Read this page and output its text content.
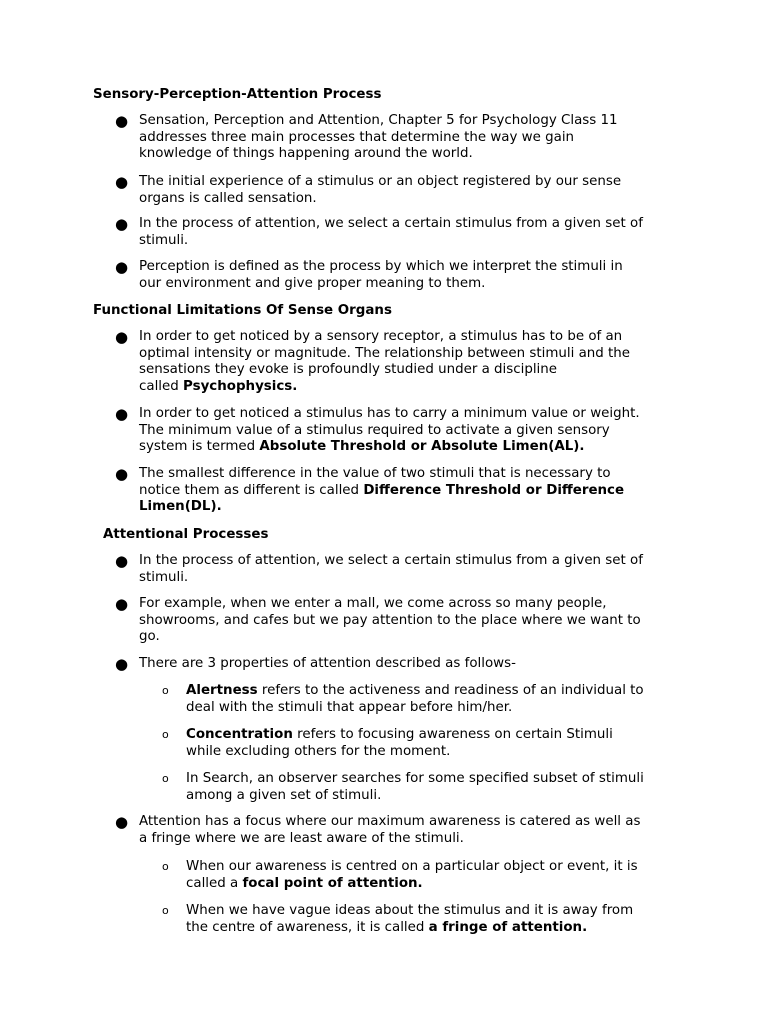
Sensory-Perception-Attention Process
● Sensation, Perception and Attention, Chapter 5 for Psychology Class 11
addresses three main processes that determine the way we gain
knowledge of things happening around the world.
● The initial experience of a stimulus or an object registered by our sense
organs is called sensation.
● In the process of attention, we select a certain stimulus from a given set of
stimuli.
● Perception is defined as the process by which we interpret the stimuli in
our environment and give proper meaning to them.
Functional Limitations Of Sense Organs
● In order to get noticed by a sensory receptor, a stimulus has to be of an
optimal intensity or magnitude. The relationship between stimuli and the
sensations they evoke is profoundly studied under a discipline
called Psychophysics.
● In order to get noticed a stimulus has to carry a minimum value or weight.
The minimum value of a stimulus required to activate a given sensory
system is termed Absolute Threshold or Absolute Limen(AL).
● The smallest difference in the value of two stimuli that is necessary to
notice them as different is called Difference Threshold or Difference
Limen(DL).
Attentional Processes
● In the process of attention, we select a certain stimulus from a given set of
stimuli.
● For example, when we enter a mall, we come across so many people,
showrooms, and cafes but we pay attention to the place where we want to
go.
● There are 3 properties of attention described as follows-
o Alertness refers to the activeness and readiness of an individual to
deal with the stimuli that appear before him/her.
o Concentration refers to focusing awareness on certain Stimuli
while excluding others for the moment.
o In Search, an observer searches for some specified subset of stimuli
among a given set of stimuli.
● Attention has a focus where our maximum awareness is catered as well as
a fringe where we are least aware of the stimuli.
o When our awareness is centred on a particular object or event, it is
called a focal point of attention.
o When we have vague ideas about the stimulus and it is away from
the centre of awareness, it is called a fringe of attention.
